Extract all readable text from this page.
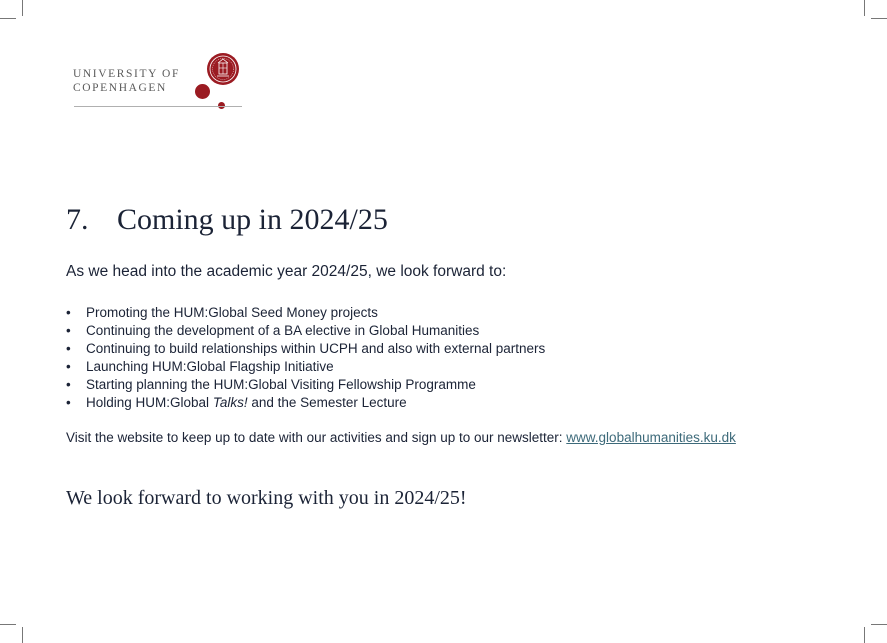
UNIVERSITY OF
COPENHAGEN
7. Coming up in 2024/25
As we head into the academic year 2024/25, we look forward to:
• Promoting the HUM:Global Seed Money projects
• Continuing the development of a BA elective in Global Humanities
• Continuing to build relationships within UCPH and also with external partners
• Launching HUM:Global Flagship Initiative
• Starting planning the HUM:Global Visiting Fellowship Programme
• Holding HUM:Global Talks! and the Semester Lecture
Visit the website to keep up to date with our activities and sign up to our newsletter: www.globalhumanities.ku.dk
We look forward to working with you in 2024/25!
